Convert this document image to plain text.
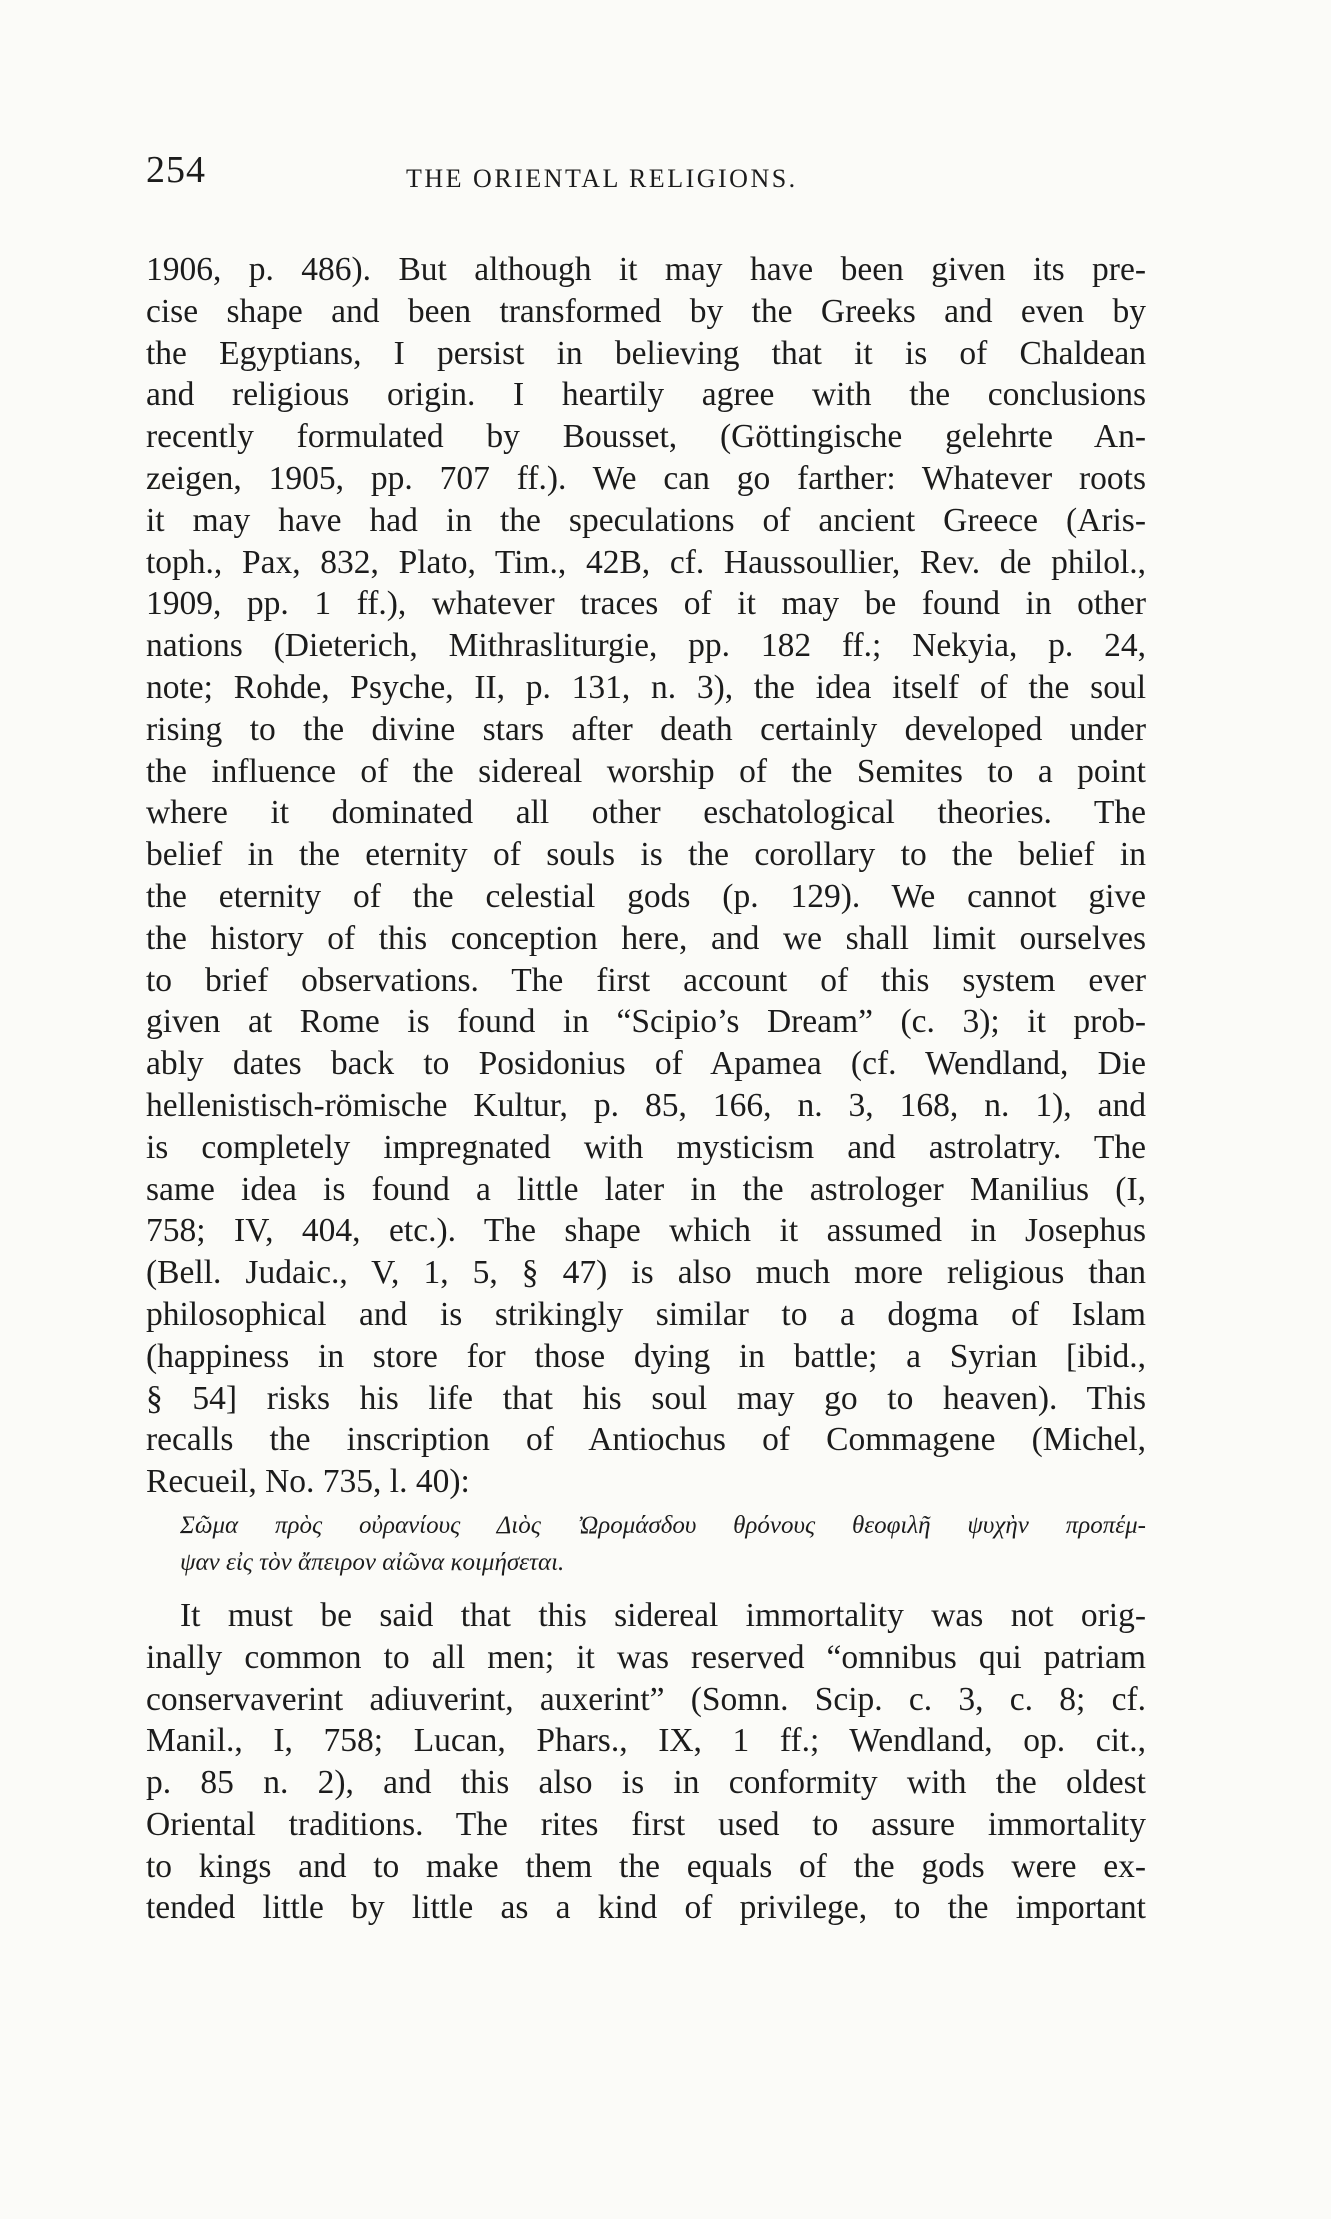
254	THE ORIENTAL RELIGIONS.
1906, p. 486). But although it may have been given its pre-
cise shape and been transformed by the Greeks and even by
the Egyptians, I persist in believing that it is of Chaldean
and religious origin. I heartily agree with the conclusions
recently formulated by Bousset, (Göttingische gelehrte An-
zeigen, 1905, pp. 707 ff.). We can go farther: Whatever roots
it may have had in the speculations of ancient Greece (Aris-
toph., Pax, 832, Plato, Tim., 42B, cf. Haussoullier, Rev. de philol.,
1909, pp. 1 ff.), whatever traces of it may be found in other
nations (Dieterich, Mithrasliturgie, pp. 182 ff.; Nekyia, p. 24,
note; Rohde, Psyche, II, p. 131, n. 3), the idea itself of the soul
rising to the divine stars after death certainly developed under
the influence of the sidereal worship of the Semites to a point
where it dominated all other eschatological theories. The
belief in the eternity of souls is the corollary to the belief in
the eternity of the celestial gods (p. 129). We cannot give
the history of this conception here, and we shall limit ourselves
to brief observations. The first account of this system ever
given at Rome is found in “Scipio’s Dream” (c. 3); it prob-
ably dates back to Posidonius of Apamea (cf. Wendland, Die
hellenistisch-römische Kultur, p. 85, 166, n. 3, 168, n. 1), and
is completely impregnated with mysticism and astrolatry. The
same idea is found a little later in the astrologer Manilius (I,
758; IV, 404, etc.). The shape which it assumed in Josephus
(Bell. Judaic., V, 1, 5, § 47) is also much more religious than
philosophical and is strikingly similar to a dogma of Islam
(happiness in store for those dying in battle; a Syrian [ibid.,
§ 54] risks his life that his soul may go to heaven). This
recalls the inscription of Antiochus of Commagene (Michel,
Recueil, No. 735, l. 40):
Σῶμα πρὸς οὐρανίους Διὸς Ὠρομάσδου θρόνους θεοφιλῆ ψυχὴν προπέμ-
ψαν εἰς τὸν ἄπειρον αἰῶνα κοιμήσεται.
It must be said that this sidereal immortality was not orig-
inally common to all men; it was reserved “omnibus qui patriam
conservaverint adiuverint, auxerint” (Somn. Scip. c. 3, c. 8; cf.
Manil., I, 758; Lucan, Phars., IX, 1 ff.; Wendland, op. cit.,
p. 85 n. 2), and this also is in conformity with the oldest
Oriental traditions. The rites first used to assure immortality
to kings and to make them the equals of the gods were ex-
tended little by little as a kind of privilege, to the important
